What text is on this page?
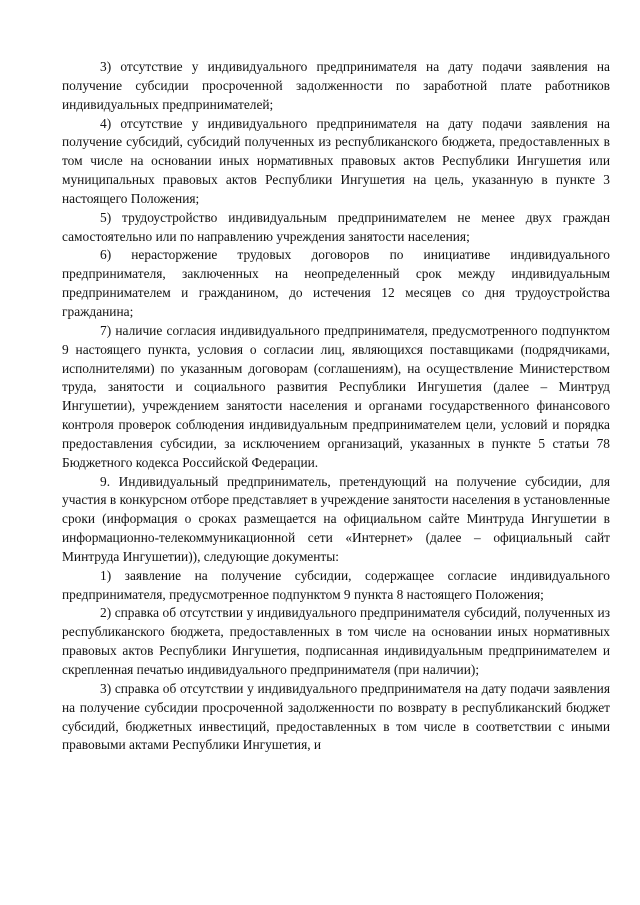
3) отсутствие у индивидуального предпринимателя на дату подачи заявления на получение субсидии просроченной задолженности по заработной плате работников индивидуальных предпринимателей;

4) отсутствие у индивидуального предпринимателя на дату подачи заявления на получение субсидий, субсидий полученных из республиканского бюджета, предоставленных в том числе на основании иных нормативных правовых актов Республики Ингушетия или муниципальных правовых актов Республики Ингушетия на цель, указанную в пункте 3 настоящего Положения;

5) трудоустройство индивидуальным предпринимателем не менее двух граждан самостоятельно или по направлению учреждения занятости населения;

6) нерасторжение трудовых договоров по инициативе индивидуального предпринимателя, заключенных на неопределенный срок между индивидуальным предпринимателем и гражданином, до истечения 12 месяцев со дня трудоустройства гражданина;

7) наличие согласия индивидуального предпринимателя, предусмотренного подпунктом 9 настоящего пункта, условия о согласии лиц, являющихся поставщиками (подрядчиками, исполнителями) по указанным договорам (соглашениям), на осуществление Министерством труда, занятости и социального развития Республики Ингушетия (далее – Минтруд Ингушетии), учреждением занятости населения и органами государственного финансового контроля проверок соблюдения индивидуальным предпринимателем цели, условий и порядка предоставления субсидии, за исключением организаций, указанных в пункте 5 статьи 78 Бюджетного кодекса Российской Федерации.

9. Индивидуальный предприниматель, претендующий на получение субсидии, для участия в конкурсном отборе представляет в учреждение занятости населения в установленные сроки (информация о сроках размещается на официальном сайте Минтруда Ингушетии в информационно-телекоммуникационной сети «Интернет» (далее – официальный сайт Минтруда Ингушетии)), следующие документы:

1) заявление на получение субсидии, содержащее согласие индивидуального предпринимателя, предусмотренное подпунктом 9 пункта 8 настоящего Положения;

2) справка об отсутствии у индивидуального предпринимателя субсидий, полученных из республиканского бюджета, предоставленных в том числе на основании иных нормативных правовых актов Республики Ингушетия, подписанная индивидуальным предпринимателем и скрепленная печатью индивидуального предпринимателя (при наличии);

3) справка об отсутствии у индивидуального предпринимателя на дату подачи заявления на получение субсидии просроченной задолженности по возврату в республиканский бюджет субсидий, бюджетных инвестиций, предоставленных в том числе в соответствии с иными правовыми актами Республики Ингушетия, и
